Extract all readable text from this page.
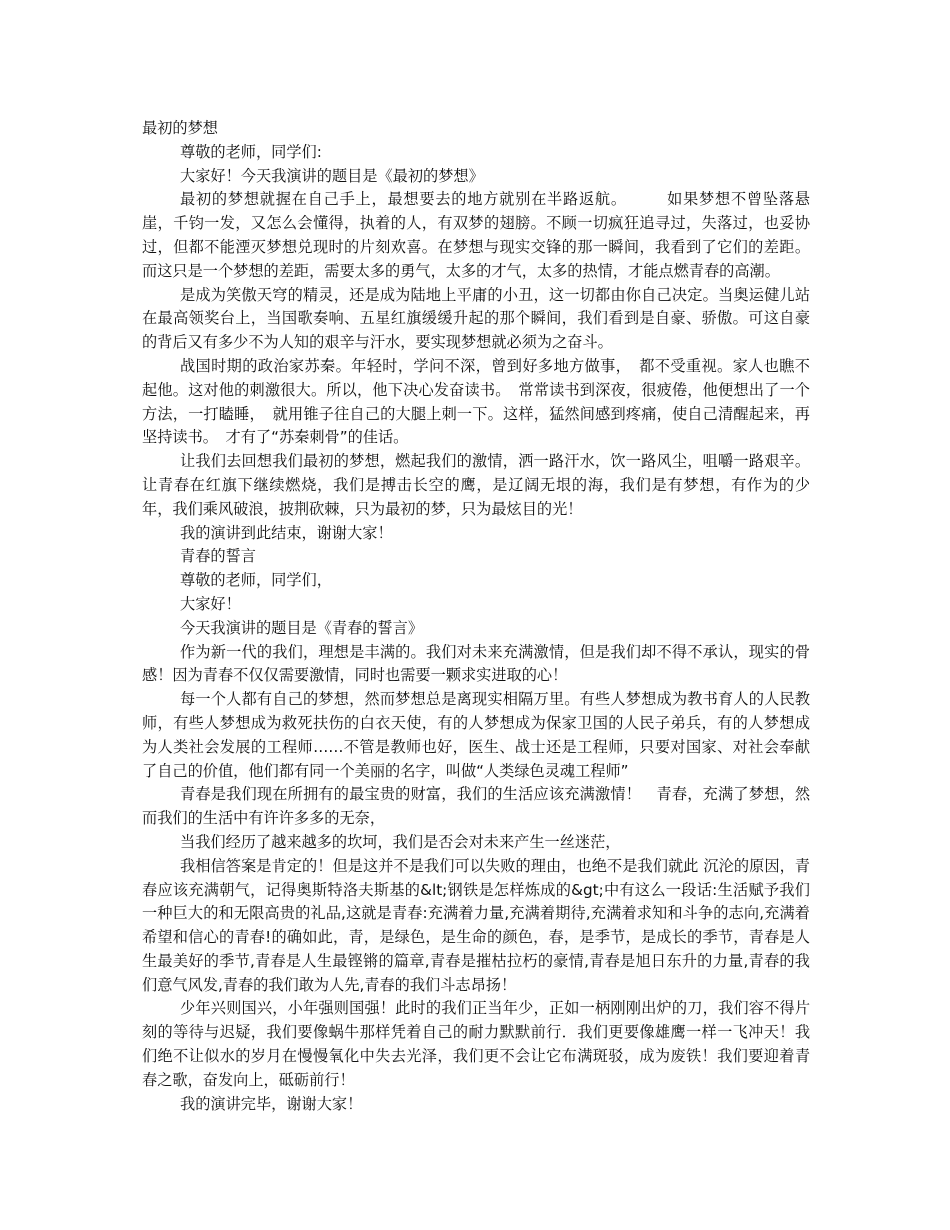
最初的梦想

尊敬的老师，同学们:

大家好！今天我演讲的题目是《最初的梦想》

最初的梦想就握在自己手上，最想要去的地方就别在半路返航。　　　如果梦想不曾坠落悬崖，千钧一发，又怎么会懂得，执着的人，有双梦的翅膀。不顾一切疯狂追寻过，失落过，也妥协过，但都不能湮灭梦想兑现时的片刻欢喜。在梦想与现实交锋的那一瞬间，我看到了它们的差距。而这只是一个梦想的差距，需要太多的勇气，太多的才气，太多的热情，才能点燃青春的高潮。

是成为笑傲天穹的精灵，还是成为陆地上平庸的小丑，这一切都由你自己决定。当奥运健儿站在最高领奖台上，当国歌奏响、五星红旗缓缓升起的那个瞬间，我们看到是自豪、骄傲。可这自豪的背后又有多少不为人知的艰辛与汗水，要实现梦想就必须为之奋斗。

战国时期的政治家苏秦。年轻时，学问不深，曾到好多地方做事，　都不受重视。家人也瞧不起他。这对他的刺激很大。所以，他下决心发奋读书。　常常读书到深夜，很疲倦，他便想出了一个方法，一打瞌睡，　就用锥子往自己的大腿上刺一下。这样，猛然间感到疼痛，使自己清醒起来，再坚持读书。　才有了“苏秦刺骨”的佳话。

让我们去回想我们最初的梦想，燃起我们的激情，洒一路汗水，饮一路风尘，咀嚼一路艰辛。让青春在红旗下继续燃烧，我们是搏击长空的鹰，是辽阔无垠的海，我们是有梦想，有作为的少年，我们乘风破浪，披荆砍棘，只为最初的梦，只为最炫目的光！

我的演讲到此结束，谢谢大家！

青春的誓言

尊敬的老师，同学们，

大家好！

今天我演讲的题目是《青春的誓言》

作为新一代的我们，理想是丰满的。我们对未来充满激情，但是我们却不得不承认，现实的骨感！因为青春不仅仅需要激情，同时也需要一颗求实进取的心！

每一个人都有自己的梦想，然而梦想总是离现实相隔万里。有些人梦想成为教书育人的人民教师，有些人梦想成为救死扶伤的白衣天使，有的人梦想成为保家卫国的人民子弟兵，有的人梦想成为人类社会发展的工程师……不管是教师也好，医生、战士还是工程师，只要对国家、对社会奉献了自己的价值，他们都有同一个美丽的名字，叫做“人类绿色灵魂工程师”

青春是我们现在所拥有的最宝贵的财富，我们的生活应该充满激情！　青春，充满了梦想，然而我们的生活中有许许多多的无奈，

当我们经历了越来越多的坎坷，我们是否会对未来产生一丝迷茫，

我相信答案是肯定的！但是这并不是我们可以失败的理由，也绝不是我们就此 沉沦的原因，青春应该充满朝气，记得奥斯特洛夫斯基的&lt;钢铁是怎样炼成的&gt;中有这么一段话:生活赋予我们一种巨大的和无限高贵的礼品,这就是青春:充满着力量,充满着期待,充满着求知和斗争的志向,充满着希望和信心的青春!的确如此，青，是绿色，是生命的颜色，春，是季节，是成长的季节，青春是人生最美好的季节,青春是人生最铿锵的篇章,青春是摧枯拉朽的豪情,青春是旭日东升的力量,青春的我们意气风发,青春的我们敢为人先,青春的我们斗志昂扬！

少年兴则国兴，小年强则国强！此时的我们正当年少，正如一柄刚刚出炉的刀，我们容不得片刻的等待与迟疑，我们要像蜗牛那样凭着自己的耐力默默前行．我们更要像雄鹰一样一飞冲天！我们绝不让似水的岁月在慢慢氧化中失去光泽，我们更不会让它布满斑驳，成为废铁！我们要迎着青春之歌，奋发向上，砥砺前行！

我的演讲完毕，谢谢大家！
